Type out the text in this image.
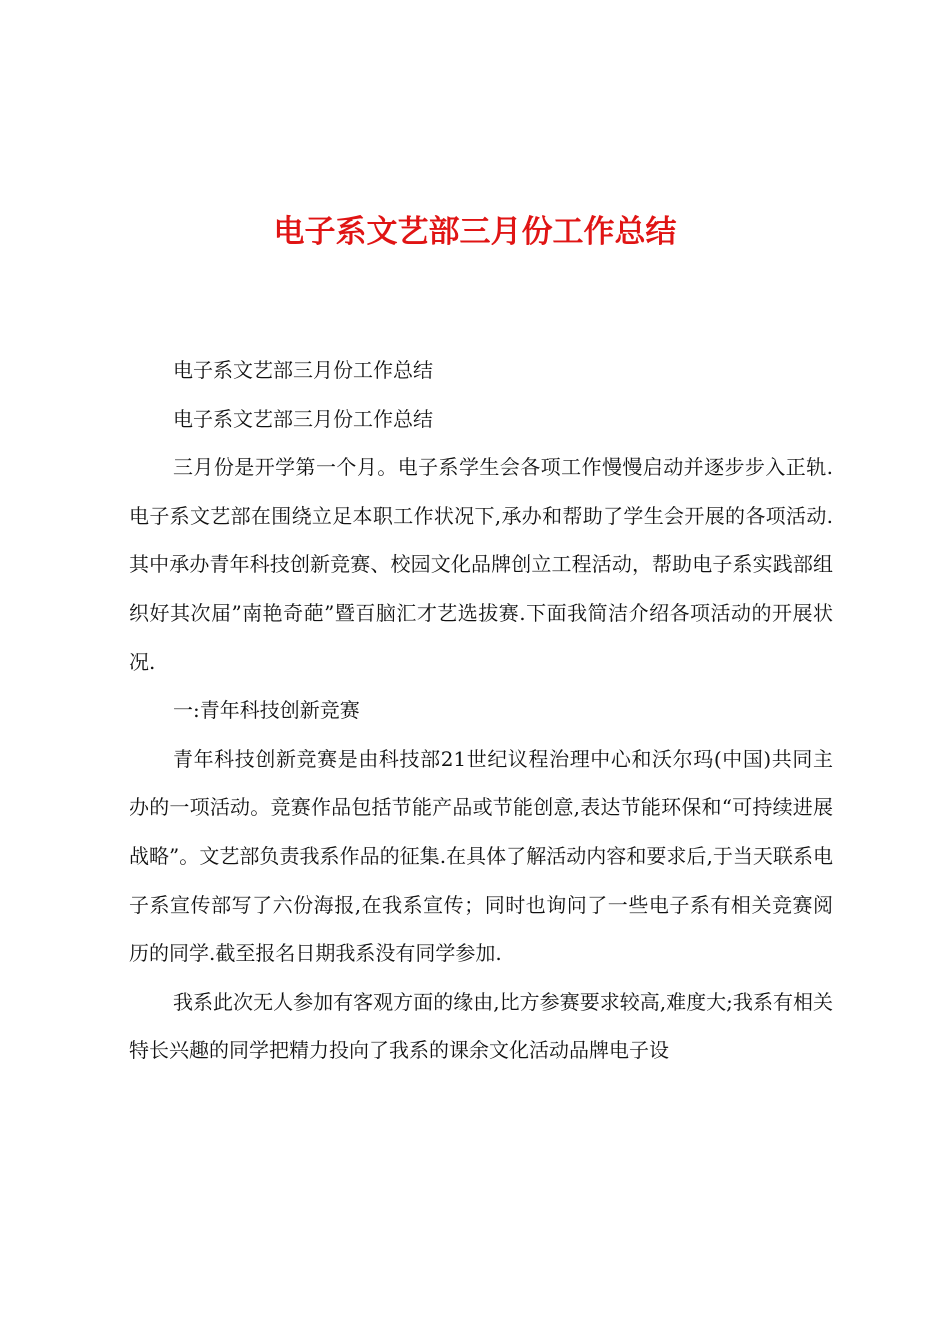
电子系文艺部三月份工作总结

电子系文艺部三月份工作总结

电子系文艺部三月份工作总结

三月份是开学第一个月。电子系学生会各项工作慢慢启动并逐步步入正轨.电子系文艺部在围绕立足本职工作状况下,承办和帮助了学生会开展的各项活动.其中承办青年科技创新竞赛、校园文化品牌创立工程活动，帮助电子系实践部组织好其次届”南艳奇葩”暨百脑汇才艺选拔赛.下面我简洁介绍各项活动的开展状况.

一:青年科技创新竞赛

青年科技创新竞赛是由科技部21世纪议程治理中心和沃尔玛(中国)共同主办的一项活动。竞赛作品包括节能产品或节能创意,表达节能环保和“可持续进展战略”。文艺部负责我系作品的征集.在具体了解活动内容和要求后,于当天联系电子系宣传部写了六份海报,在我系宣传；同时也询问了一些电子系有相关竞赛阅历的同学.截至报名日期我系没有同学参加.

我系此次无人参加有客观方面的缘由,比方参赛要求较高,难度大;我系有相关特长兴趣的同学把精力投向了我系的课余文化活动品牌电子设
